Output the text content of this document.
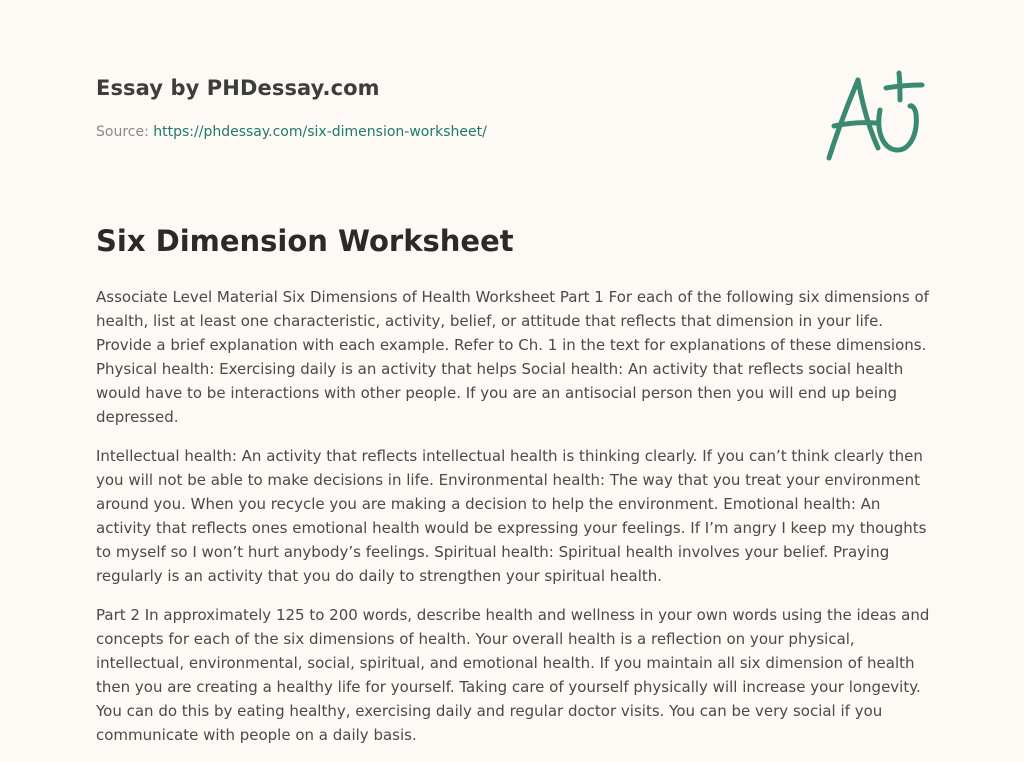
Essay by PHDessay.com
Source: https://phdessay.com/six-dimension-worksheet/
Six Dimension Worksheet

Associate Level Material Six Dimensions of Health Worksheet Part 1 For each of the following six dimensions of health, list at least one characteristic, activity, belief, or attitude that reflects that dimension in your life. Provide a brief explanation with each example. Refer to Ch. 1 in the text for explanations of these dimensions. Physical health: Exercising daily is an activity that helps Social health: An activity that reflects social health would have to be interactions with other people. If you are an antisocial person then you will end up being depressed.

Intellectual health: An activity that reflects intellectual health is thinking clearly. If you can’t think clearly then you will not be able to make decisions in life. Environmental health: The way that you treat your environment around you. When you recycle you are making a decision to help the environment. Emotional health: An activity that reflects ones emotional health would be expressing your feelings. If I’m angry I keep my thoughts to myself so I won’t hurt anybody’s feelings. Spiritual health: Spiritual health involves your belief. Praying regularly is an activity that you do daily to strengthen your spiritual health.

Part 2 In approximately 125 to 200 words, describe health and wellness in your own words using the ideas and concepts for each of the six dimensions of health. Your overall health is a reflection on your physical, intellectual, environmental, social, spiritual, and emotional health. If you maintain all six dimension of health then you are creating a healthy life for yourself. Taking care of yourself physically will increase your longevity. You can do this by eating healthy, exercising daily and regular doctor visits. You can be very social if you communicate with people on a daily basis.
